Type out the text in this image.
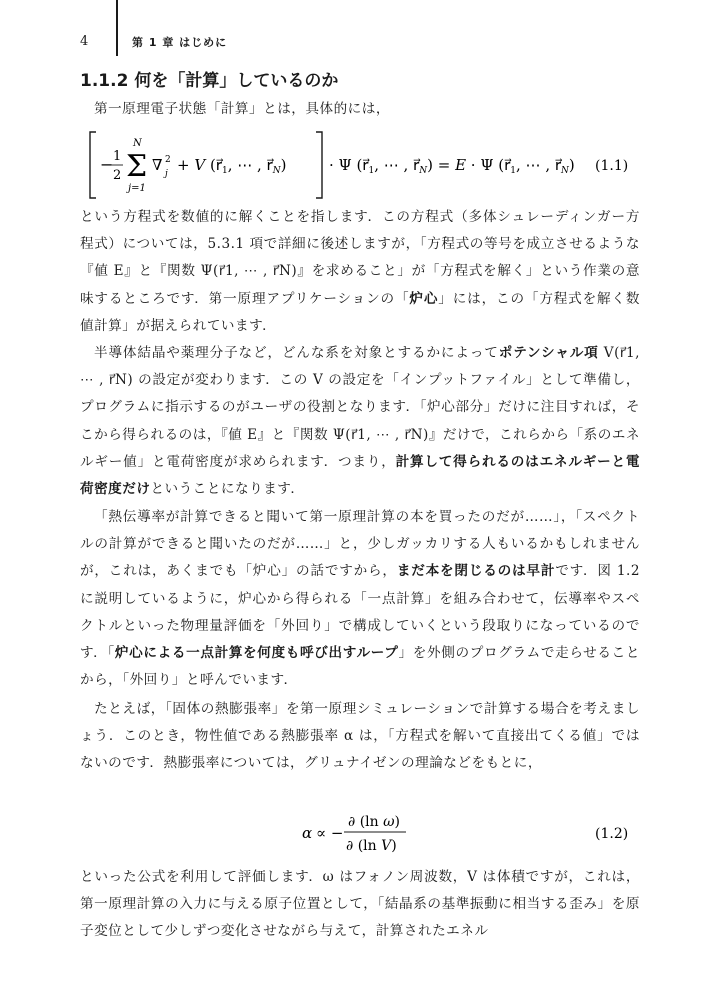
4	第 1 章 はじめに
1.1.2 何を「計算」しているのか

第一原理電子状態「計算」とは，具体的には，

− 1
2 Σ
N
j=1
∇ 2
j + V ($r⃗_1$, ⋯ , $r⃗_N$)	· Ψ ($r⃗_1$, ⋯ , $r⃗_N) = E \cdot \Psi$ ($r⃗_1$, ⋯ , $r⃗_N$) (1.1)

という方程式を数値的に解くことを指します．この方程式（多体シュレーディンガー方程式）については，5.3.1 項で詳細に後述しますが，「方程式の等号を成立させるような『値 E』と『関数 Ψ(r⃗1, ⋯ , r⃗N)』を求めること」が「方程式を解く」という作業の意味するところです．第一原理アプリケーションの「炉心」には，この「方程式を解く数値計算」が据えられています．

半導体結晶や薬理分子など，どんな系を対象とするかによってポテンシャル項 V(r⃗1, ⋯ , r⃗N) の設定が変わります．この V の設定を「インプットファイル」として準備し，プログラムに指示するのがユーザの役割となります．「炉心部分」だけに注目すれば，そこから得られるのは，『値 E』と『関数 Ψ(r⃗1, ⋯ , r⃗N)』だけで，これらから「系のエネルギー値」と電荷密度が求められます．つまり，計算して得られるのはエネルギーと電荷密度だけということになります．

「熱伝導率が計算できると聞いて第一原理計算の本を買ったのだが……」，「スペクトルの計算ができると聞いたのだが……」と，少しガッカリする人もいるかもしれませんが，これは，あくまでも「炉心」の話ですから，まだ本を閉じるのは早計です．図 1.2 に説明しているように，炉心から得られる「一点計算」を組み合わせて，伝導率やスペクトルといった物理量評価を「外回り」で構成していくという段取りになっているのです．「炉心による一点計算を何度も呼び出すループ」を外側のプログラムで走らせることから，「外回り」と呼んでいます．

たとえば，「固体の熱膨張率」を第一原理シミュレーションで計算する場合を考えましょう．このとき，物性値である熱膨張率 α は，「方程式を解いて直接出てくる値」ではないのです．熱膨張率については，グリュナイゼンの理論などをもとに，

α ∝ −
∂ (ln ω)
∂ (ln V)
(1.2)

といった公式を利用して評価します．ω はフォノン周波数，V は体積ですが，これは，第一原理計算の入力に与える原子位置として，「結晶系の基準振動に相当する歪み」を原子変位として少しずつ変化させながら与えて，計算されたエネル
